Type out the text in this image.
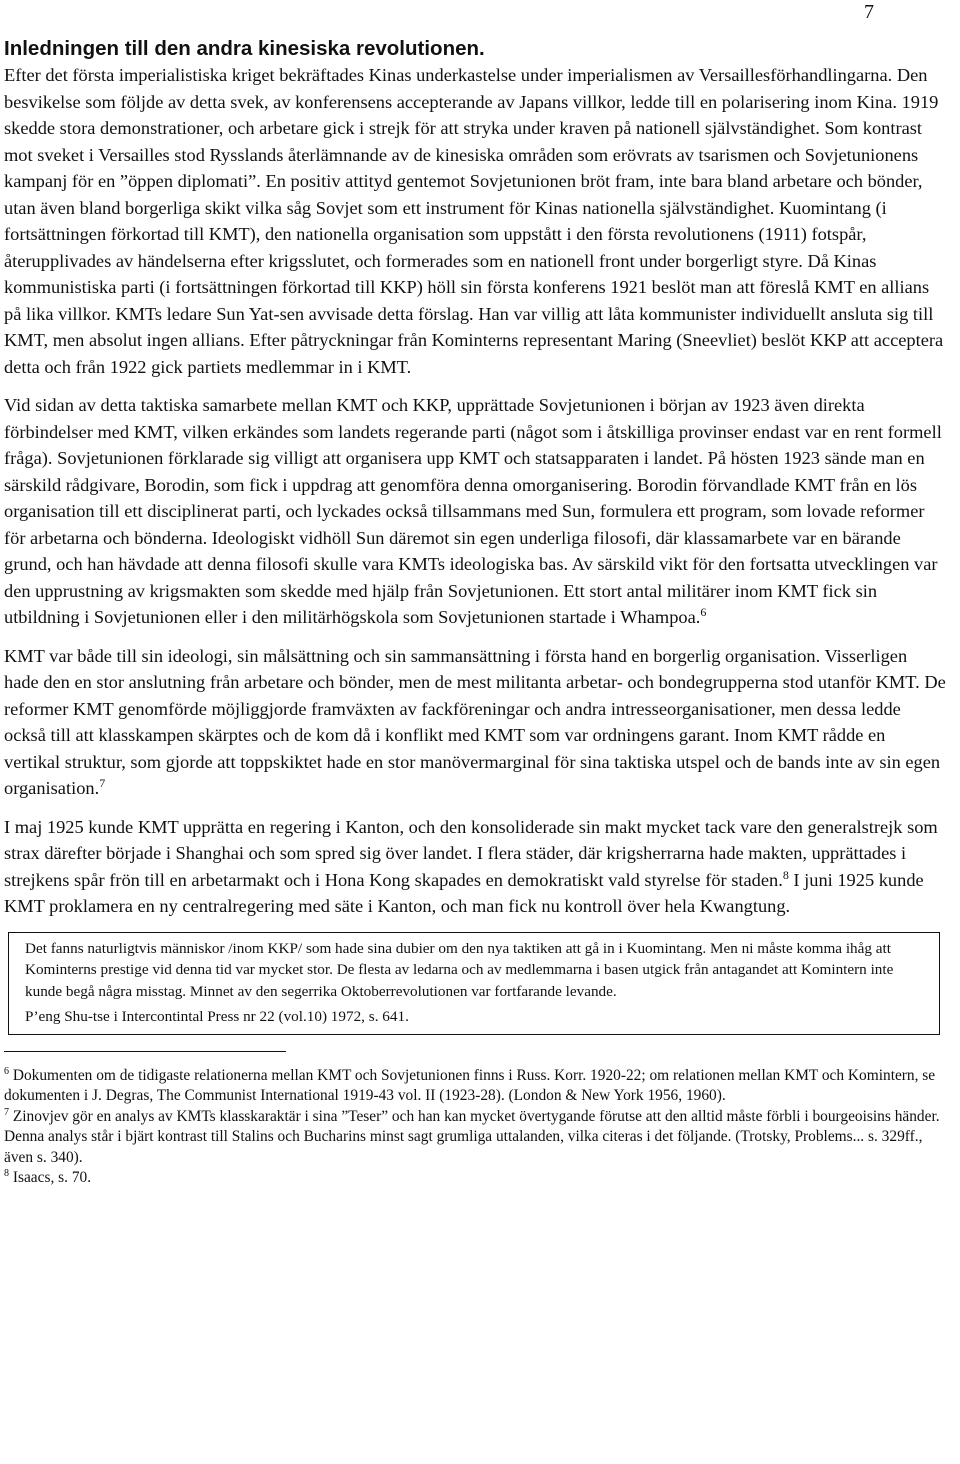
7
Inledningen till den andra kinesiska revolutionen.

Efter det första imperialistiska kriget bekräftades Kinas underkastelse under imperialismen av Versaillesförhandlingarna. Den besvikelse som följde av detta svek, av konferensens accepterande av Japans villkor, ledde till en polarisering inom Kina. 1919 skedde stora demonstrationer, och arbetare gick i strejk för att stryka under kraven på nationell självständighet. Som kontrast mot sveket i Versailles stod Rysslands återlämnande av de kinesiska områden som erövrats av tsarismen och Sovjetunionens kampanj för en ”öppen diplomati”. En positiv attityd gentemot Sovjetunionen bröt fram, inte bara bland arbetare och bönder, utan även bland borgerliga skikt vilka såg Sovjet som ett instrument för Kinas nationella självständighet. Kuomintang (i fortsättningen förkortad till KMT), den nationella organisation som uppstått i den första revolutionens (1911) fotspår, återupplivades av händelserna efter krigsslutet, och formerades som en nationell front under borgerligt styre. Då Kinas kommunistiska parti (i fortsättningen förkortad till KKP) höll sin första konferens 1921 beslöt man att föreslå KMT en allians på lika villkor. KMTs ledare Sun Yat-sen avvisade detta förslag. Han var villig att låta kommunister individuellt ansluta sig till KMT, men absolut ingen allians. Efter påtryckningar från Kominterns representant Maring (Sneevliet) beslöt KKP att acceptera detta och från 1922 gick partiets medlemmar in i KMT.

Vid sidan av detta taktiska samarbete mellan KMT och KKP, upprättade Sovjetunionen i början av 1923 även direkta förbindelser med KMT, vilken erkändes som landets regerande parti (något som i åtskilliga provinser endast var en rent formell fråga). Sovjetunionen förklarade sig villigt att organisera upp KMT och statsapparaten i landet. På hösten 1923 sände man en särskild rådgivare, Borodin, som fick i uppdrag att genomföra denna omorganisering. Borodin förvandlade KMT från en lös organisation till ett disciplinerat parti, och lyckades också tillsammans med Sun, formulera ett program, som lovade reformer för arbetarna och bönderna. Ideologiskt vidhöll Sun däremot sin egen underliga filosofi, där klassamarbete var en bärande grund, och han hävdade att denna filosofi skulle vara KMTs ideologiska bas. Av särskild vikt för den fortsatta utvecklingen var den upprustning av krigsmakten som skedde med hjälp från Sovjetunionen. Ett stort antal militärer inom KMT fick sin utbildning i Sovjetunionen eller i den militärhögskola som Sovjetunionen startade i Whampoa.$^6$

KMT var både till sin ideologi, sin målsättning och sin sammansättning i första hand en borgerlig organisation. Visserligen hade den en stor anslutning från arbetare och bönder, men de mest militanta arbetar- och bondegrupperna stod utanför KMT. De reformer KMT genomförde möjliggjorde framväxten av fackföreningar och andra intresseorganisationer, men dessa ledde också till att klasskampen skärptes och de kom då i konflikt med KMT som var ordningens garant. Inom KMT rådde en vertikal struktur, som gjorde att toppskiktet hade en stor manövermarginal för sina taktiska utspel och de bands inte av sin egen organisation.$^7$

I maj 1925 kunde KMT upprätta en regering i Kanton, och den konsoliderade sin makt mycket tack vare den generalstrejk som strax därefter började i Shanghai och som spred sig över landet. I flera städer, där krigsherrarna hade makten, upprättades i strejkens spår frön till en arbetarmakt och i Hona Kong skapades en demokratiskt vald styrelse för staden.$^8$ I juni 1925 kunde KMT proklamera en ny centralregering med säte i Kanton, och man fick nu kontroll över hela Kwangtung.

Det fanns naturligtvis människor /inom KKP/ som hade sina dubier om den nya taktiken att gå in i Kuomintang. Men ni måste komma ihåg att Kominterns prestige vid denna tid var mycket stor. De flesta av ledarna och av medlemmarna i basen utgick från antagandet att Komintern inte kunde begå några misstag. Minnet av den segerrika Oktoberrevolutionen var fortfarande levande.
P’eng Shu-tse i Intercontintal Press nr 22 (vol.10) 1972, s. 641.

$^6$ Dokumenten om de tidigaste relationerna mellan KMT och Sovjetunionen finns i Russ. Korr. 1920-22; om relationen mellan KMT och Komintern, se dokumenten i J. Degras, The Communist International 1919-43 vol. II (1923-28). (London & New York 1956, 1960).

$^7$ Zinovjev gör en analys av KMTs klasskaraktär i sina ”Teser” och han kan mycket övertygande förutse att den alltid måste förbli i bourgeoisins händer. Denna analys står i bjärt kontrast till Stalins och Bucharins minst sagt grumliga uttalanden, vilka citeras i det följande. (Trotsky, Problems... s. 329ff., även s. 340).

$^8$ Isaacs, s. 70.
